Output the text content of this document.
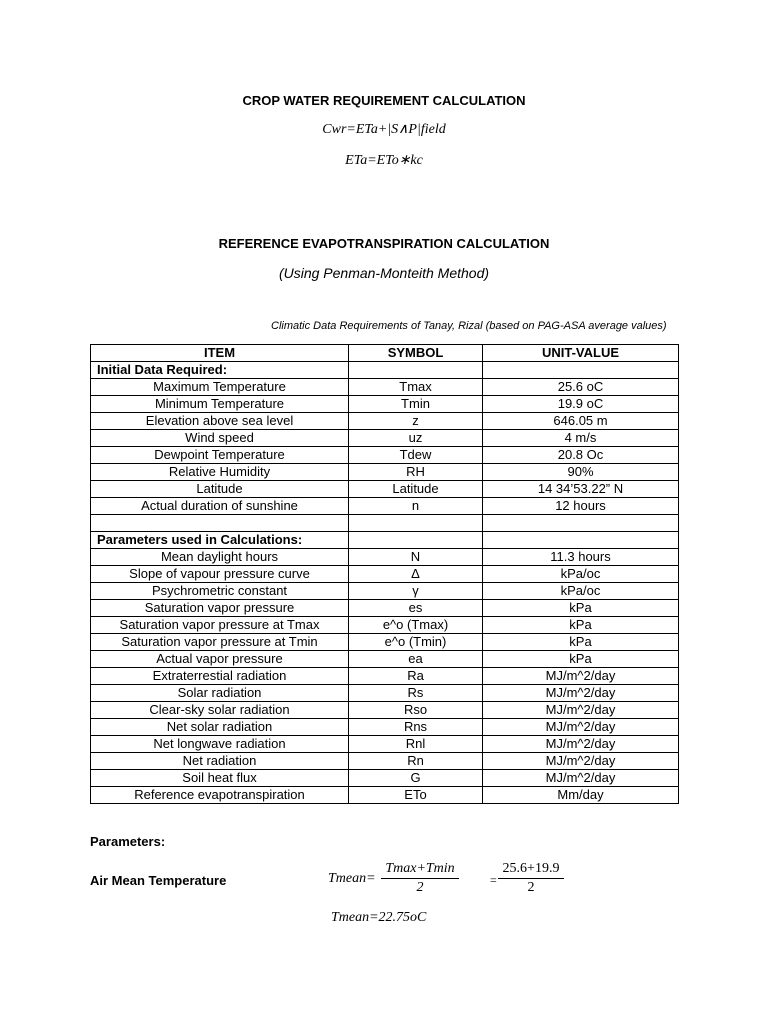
CROP WATER REQUIREMENT CALCULATION
Cwr=ETa+|S∧P|field
ETa=ETo∗kc
REFERENCE EVAPOTRANSPIRATION CALCULATION
(Using Penman-Monteith Method)
Climatic Data Requirements of Tanay, Rizal (based on PAG-ASA average values)
ITEM	SYMBOL	UNIT-VALUE
Initial Data Required:		
Maximum Temperature	Tmax	25.6 oC
Minimum Temperature	Tmin	19.9 oC
Elevation above sea level	z	646.05 m
Wind speed	uz	4 m/s
Dewpoint Temperature	Tdew	20.8 Oc
Relative Humidity	RH	90%
Latitude	Latitude	14 34’53.22” N
Actual duration of sunshine	n	12 hours

Parameters used in Calculations:		
Mean daylight hours	N	11.3 hours
Slope of vapour pressure curve	Δ	kPa/oc
Psychrometric constant	γ	kPa/oc
Saturation vapor pressure	es	kPa
Saturation vapor pressure at Tmax	e^o (Tmax)	kPa
Saturation vapor pressure at Tmin	e^o (Tmin)	kPa
Actual vapor pressure	ea	kPa
Extraterrestial radiation	Ra	MJ/m^2/day
Solar radiation	Rs	MJ/m^2/day
Clear-sky solar radiation	Rso	MJ/m^2/day
Net solar radiation	Rns	MJ/m^2/day
Net longwave radiation	Rnl	MJ/m^2/day
Net radiation	Rn	MJ/m^2/day
Soil heat flux	G	MJ/m^2/day
Reference evapotranspiration	ETo	Mm/day
Parameters:
Air Mean Temperature	Tmean=
Tmax+Tmin
2	= $\frac{25.6+19.9}{2}$
Tmean=22.75oC
